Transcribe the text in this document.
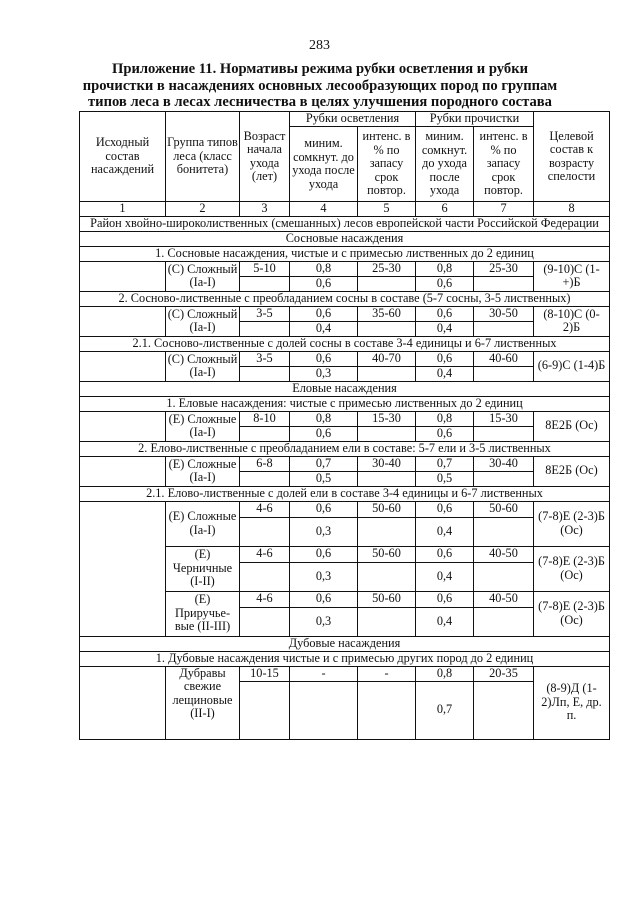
283
Приложение 11. Нормативы режима рубки осветления и рубки прочистки в насаждениях основных лесообразующих пород по группам типов леса в лесах лесничества в целях улучшения породного состава
Исходный состав насаждений	Группа типов леса (класс бонитета)	Возраст начала ухода (лет)	Рубки осветления		Рубки прочистки		Целевой состав к возрасту спелости
			миним. сомкнут. до ухода после ухода	интенс. в % по запасу срок повтор.	миним. сомкнут. до ухода после ухода	интенс. в % по запасу срок повтор.	
1	2	3	4	5	6	7	8
Район хвойно-широколиственных (смешанных) лесов европейской части Российской Федерации							
Сосновые насаждения							
1. Сосновые насаждения, чистые и с примесью лиственных до 2 единиц							
	(С) Сложный (Iа-I)	5-10	0,8	25-30	0,8	25-30	(9-10)С (1-+)Б
			0,6		0,6		
2. Сосново-лиственные с преобладанием сосны в составе (5-7 сосны, 3-5 лиственных)							
	(С) Сложный (Iа-I)	3-5	0,6	35-60	0,6	30-50	(8-10)С (0-2)Б
			0,4		0,4		
2.1. Сосново-лиственные с долей сосны в составе 3-4 единицы и 6-7 лиственных							
	(С) Сложный (Iа-I)	3-5	0,6	40-70	0,6	40-60	(6-9)С (1-4)Б
			0,3		0,4		
Еловые насаждения							
1. Еловые насаждения: чистые с примесью лиственных до 2 единиц							
	(Е) Сложные (Iа-I)	8-10	0,8	15-30	0,8	15-30	8Е2Б (Ос)
			0,6		0,6		
2. Елово-лиственные с преобладанием ели в составе: 5-7 ели и 3-5 лиственных							
	(Е) Сложные (Iа-I)	6-8	0,7	30-40	0,7	30-40	8Е2Б (Ос)
			0,5		0,5		
2.1. Елово-лиственные с долей ели в составе 3-4 единицы и 6-7 лиственных							
	(Е) Сложные (Iа-I)	4-6	0,6	50-60	0,6	50-60	(7-8)Е (2-3)Б (Ос)
			0,3		0,4		
	(Е) Черничные (I-II)	4-6	0,6	50-60	0,6	40-50	(7-8)Е (2-3)Б (Ос)
			0,3		0,4		
	(Е) Приручье- вые (II-III)	4-6	0,6	50-60	0,6	40-50	(7-8)Е (2-3)Б (Ос)
			0,3		0,4		
Дубовые насаждения							
1. Дубовые насаждения чистые и с примесью других пород до 2 единиц							
	Дубравы свежие лещиновые (II-I)	10-15	-	-	0,8	20-35	(8-9)Д (1-2)Лп, Е, др. п.
					0,7		
